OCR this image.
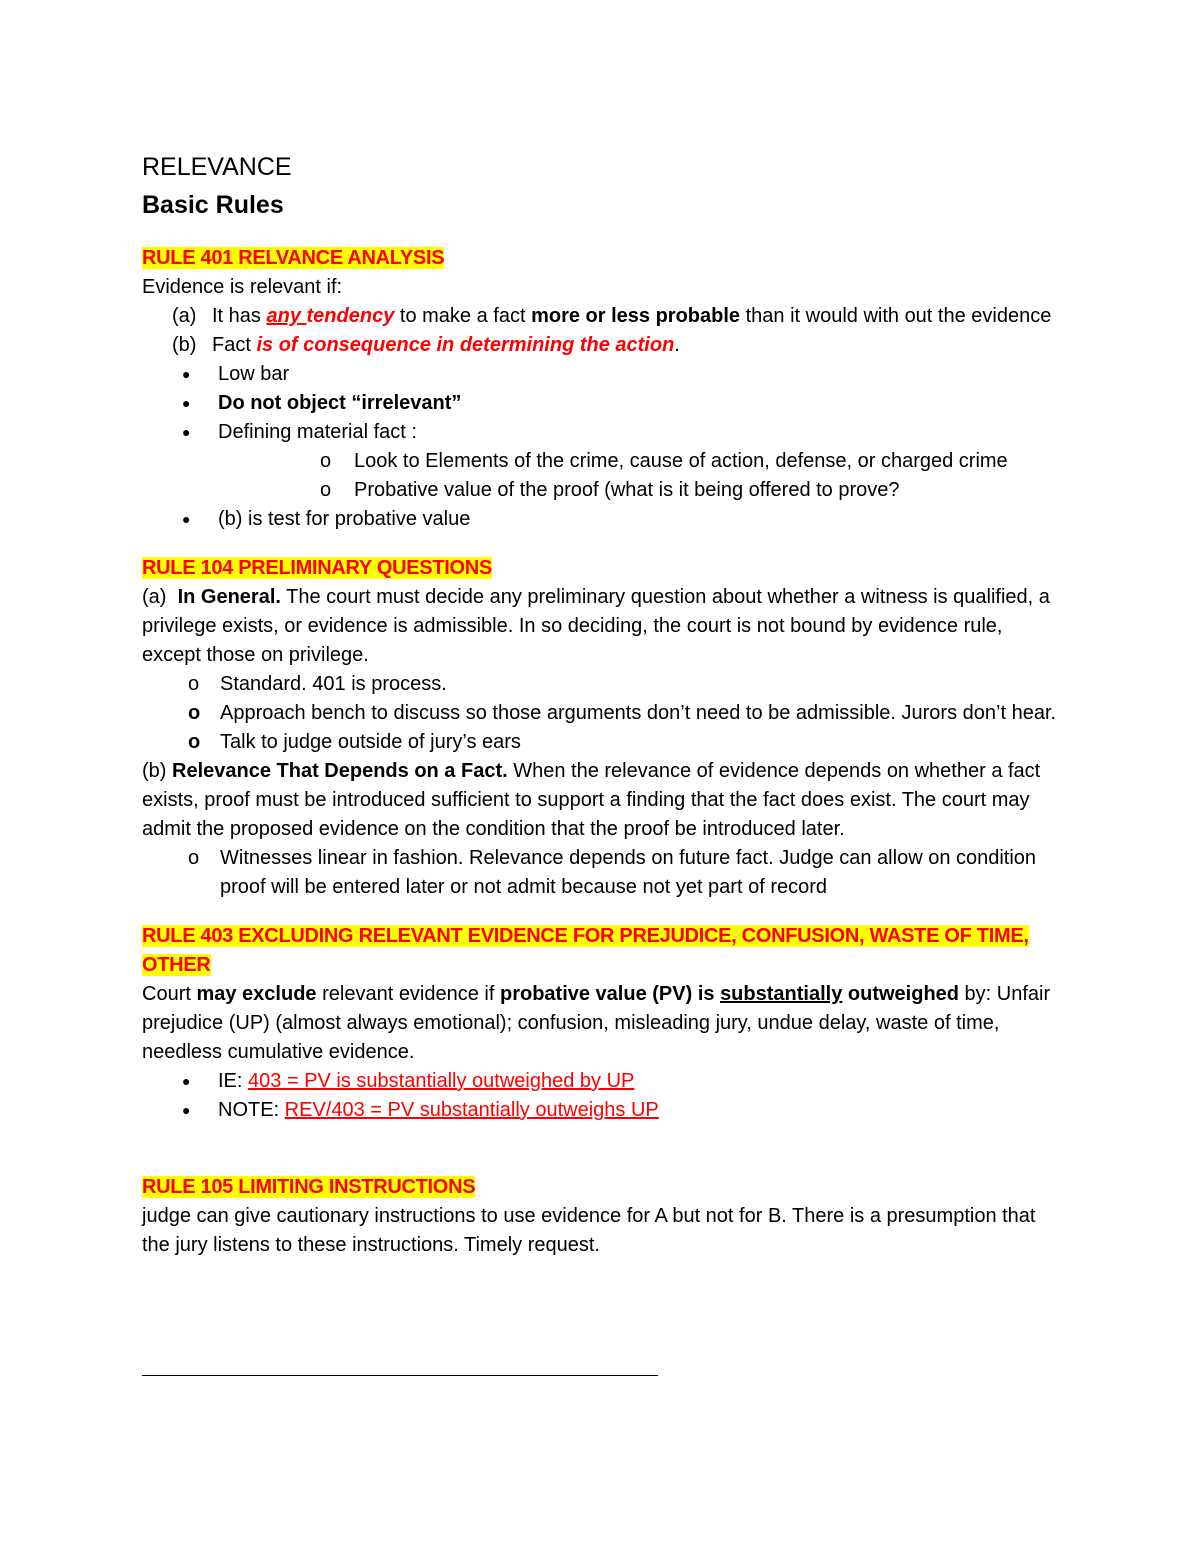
RELEVANCE
Basic Rules
RULE 401 RELVANCE ANALYSIS
Evidence is relevant if:
(a) It has any tendency to make a fact more or less probable than it would with out the evidence
(b) Fact is of consequence in determining the action.
●	Low bar
●	Do not object “irrelevant”
●	Defining material fact :
o	Look to Elements of the crime, cause of action, defense, or charged crime
o	Probative value of the proof (what is it being offered to prove?
●	(b) is test for probative value
RULE 104 PRELIMINARY QUESTIONS
(a) In General. The court must decide any preliminary question about whether a witness is qualified, a privilege exists, or evidence is admissible. In so deciding, the court is not bound by evidence rule, except those on privilege.
o	Standard. 401 is process.
o Approach bench to discuss so those arguments don’t need to be admissible. Jurors don’t hear.
o Talk to judge outside of jury’s ears
(b) Relevance That Depends on a Fact. When the relevance of evidence depends on whether a fact exists, proof must be introduced sufficient to support a finding that the fact does exist. The court may admit the proposed evidence on the condition that the proof be introduced later.
o	Witnesses linear in fashion. Relevance depends on future fact. Judge can allow on condition proof will be entered later or not admit because not yet part of record
RULE 403 EXCLUDING RELEVANT EVIDENCE FOR PREJUDICE, CONFUSION, WASTE OF TIME,
OTHER
Court may exclude relevant evidence if probative value (PV) is substantially outweighed by: Unfair prejudice (UP) (almost always emotional); confusion, misleading jury, undue delay, waste of time, needless cumulative evidence.
●	IE: 403 = PV is substantially outweighed by UP
●	NOTE: REV/403 = PV substantially outweighs UP
RULE 105 LIMITING INSTRUCTIONS
judge can give cautionary instructions to use evidence for A but not for B. There is a presumption that the jury listens to these instructions. Timely request.
